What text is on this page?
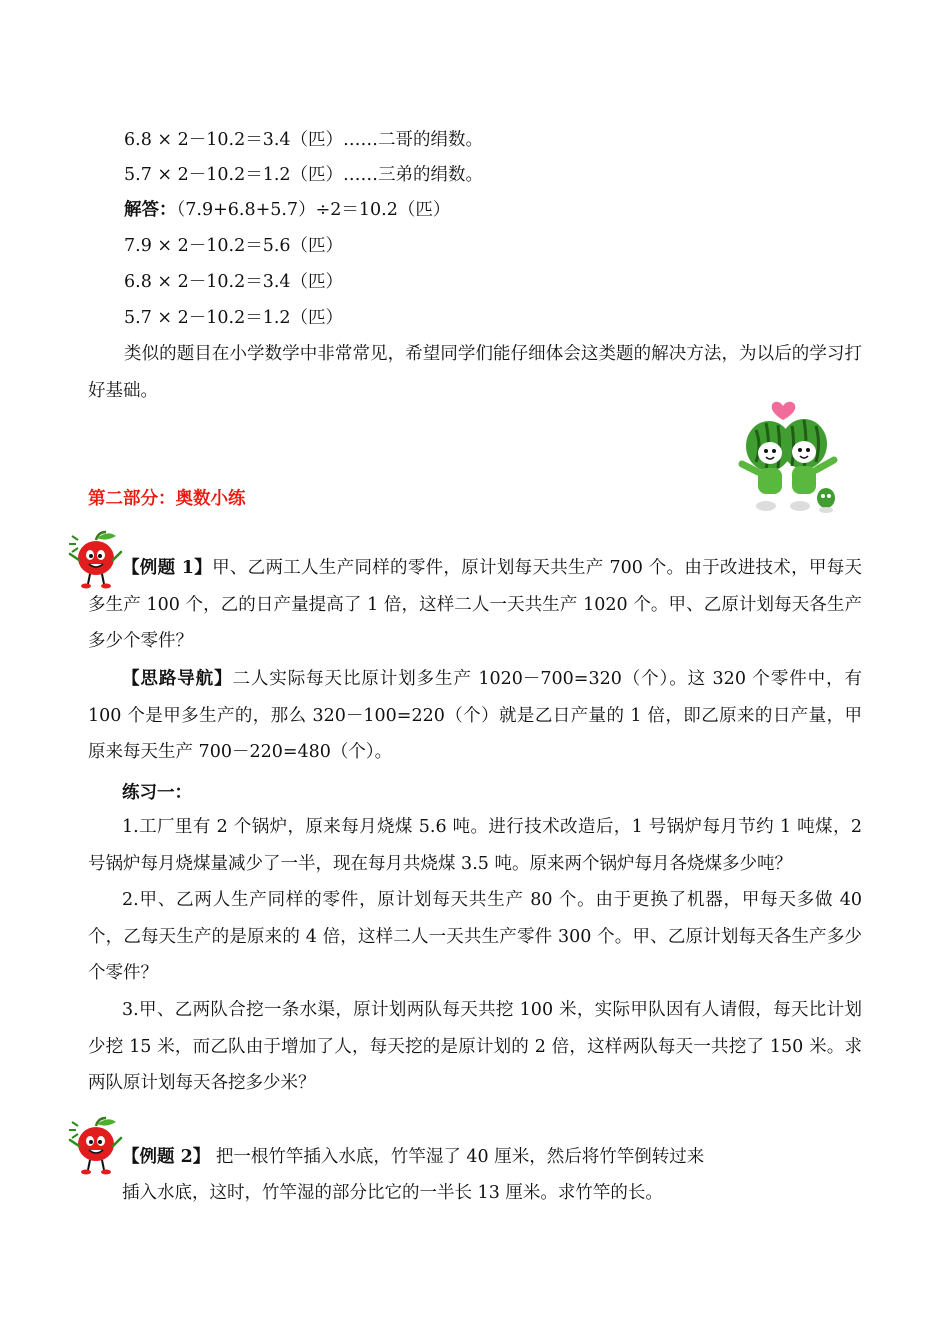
6.8 × 2－10.2＝3.4（匹）……二哥的绢数。
5.7 × 2－10.2＝1.2（匹）……三弟的绢数。
解答：（7.9+6.8+5.7）÷2＝10.2（匹）
7.9 × 2－10.2＝5.6（匹）
6.8 × 2－10.2＝3.4（匹）
5.7 × 2－10.2＝1.2（匹）
类似的题目在小学数学中非常常见，希望同学们能仔细体会这类题的解决方法，为以后的学习打好基础。
第二部分：奥数小练
【例题 1】甲、乙两工人生产同样的零件，原计划每天共生产 700 个。由于改进技术，甲每天多生产 100 个，乙的日产量提高了 1 倍，这样二人一天共生产 1020 个。甲、乙原计划每天各生产多少个零件？
【思路导航】二人实际每天比原计划多生产 1020－700=320（个）。这 320 个零件中，有 100 个是甲多生产的，那么 320－100=220（个）就是乙日产量的 1 倍，即乙原来的日产量，甲原来每天生产 700－220=480（个）。
练习一：
1.工厂里有 2 个锅炉，原来每月烧煤 5.6 吨。进行技术改造后，1 号锅炉每月节约 1 吨煤，2 号锅炉每月烧煤量减少了一半，现在每月共烧煤 3.5 吨。原来两个锅炉每月各烧煤多少吨？
2.甲、乙两人生产同样的零件，原计划每天共生产 80 个。由于更换了机器，甲每天多做 40 个，乙每天生产的是原来的 4 倍，这样二人一天共生产零件 300 个。甲、乙原计划每天各生产多少个零件？
3.甲、乙两队合挖一条水渠，原计划两队每天共挖 100 米，实际甲队因有人请假，每天比计划少挖 15 米，而乙队由于增加了人，每天挖的是原计划的 2 倍，这样两队每天一共挖了 150 米。求两队原计划每天各挖多少米？
【例题 2】 把一根竹竿插入水底，竹竿湿了 40 厘米，然后将竹竿倒转过来
插入水底，这时，竹竿湿的部分比它的一半长 13 厘米。求竹竿的长。
